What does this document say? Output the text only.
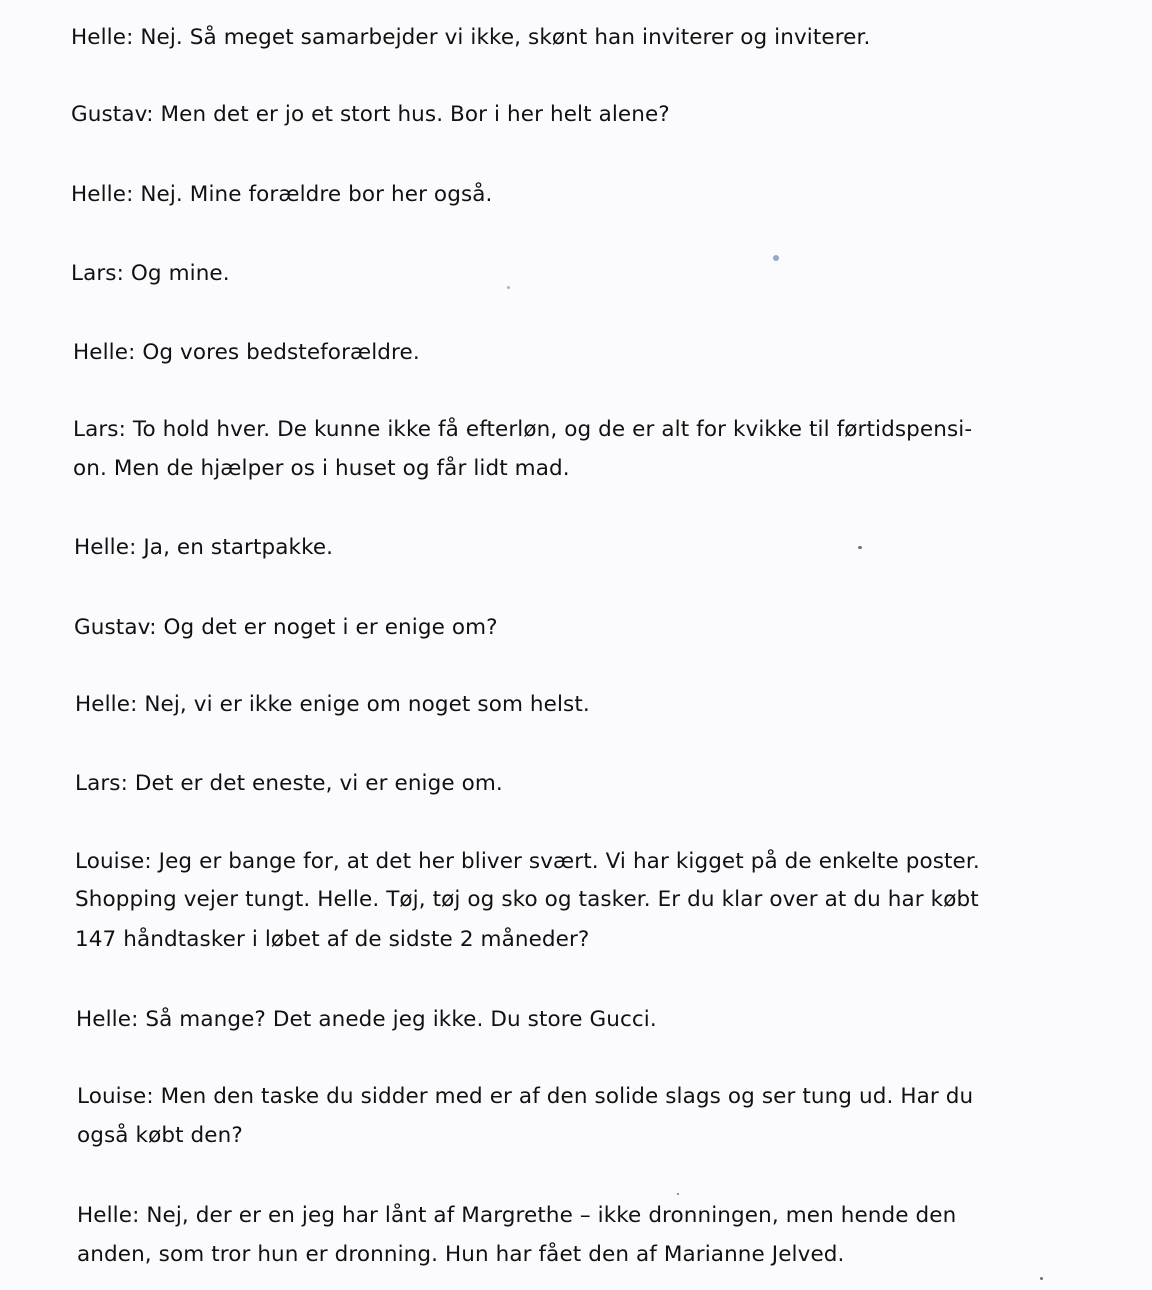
Helle: Nej. Så meget samarbejder vi ikke, skønt han inviterer og inviterer.
Gustav: Men det er jo et stort hus. Bor i her helt alene?
Helle: Nej. Mine forældre bor her også.
Lars: Og mine.
Helle: Og vores bedsteforældre.
Lars: To hold hver. De kunne ikke få efterløn, og de er alt for kvikke til førtidspensi-
on. Men de hjælper os i huset og får lidt mad.
Helle: Ja, en startpakke.
Gustav: Og det er noget i er enige om?
Helle: Nej, vi er ikke enige om noget som helst.
Lars: Det er det eneste, vi er enige om.
Louise: Jeg er bange for, at det her bliver svært. Vi har kigget på de enkelte poster.
Shopping vejer tungt. Helle. Tøj, tøj og sko og tasker. Er du klar over at du har købt
147 håndtasker i løbet af de sidste 2 måneder?
Helle: Så mange? Det anede jeg ikke. Du store Gucci.
Louise: Men den taske du sidder med er af den solide slags og ser tung ud. Har du
også købt den?
Helle: Nej, der er en jeg har lånt af Margrethe – ikke dronningen, men hende den
anden, som tror hun er dronning. Hun har fået den af Marianne Jelved.
